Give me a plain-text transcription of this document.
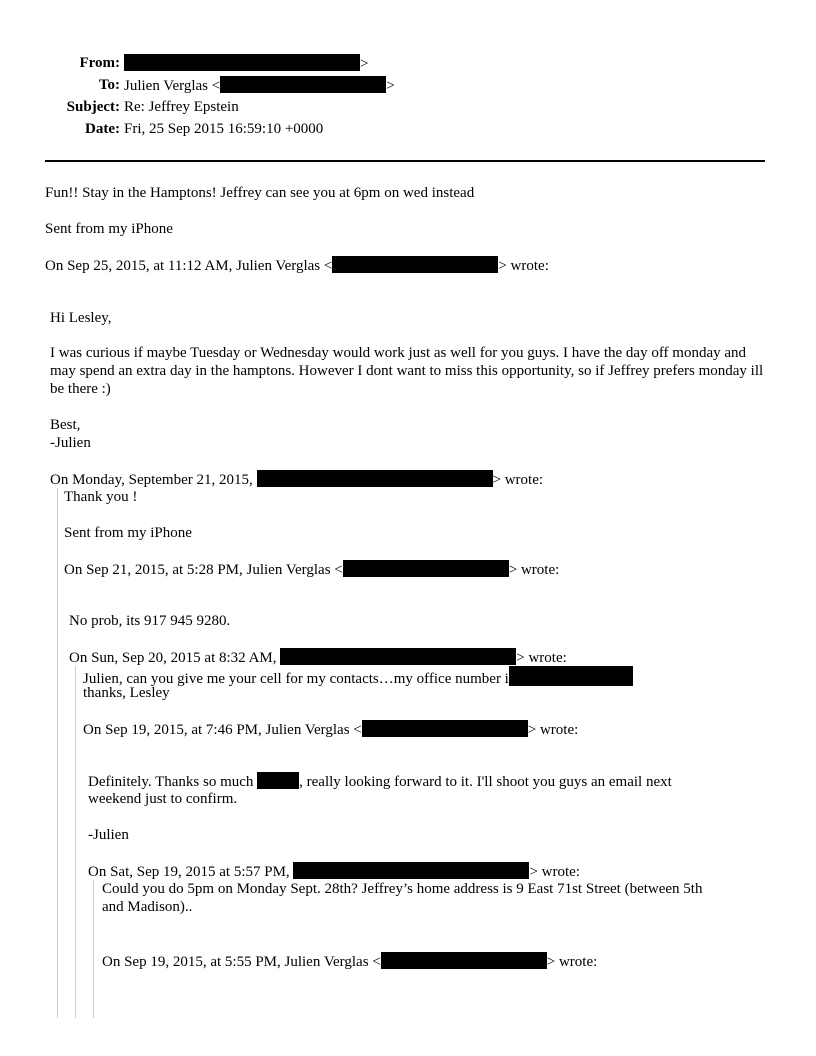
From:	>
To: Julien Verglas <	>
Subject: Re: Jeffrey Epstein
Date: Fri, 25 Sep 2015 16:59:10 +0000
Fun!! Stay in the Hamptons! Jeffrey can see you at 6pm on wed instead
Sent from my iPhone
On Sep 25, 2015, at 11:12 AM, Julien Verglas <	> wrote:
Hi Lesley,
I was curious if maybe Tuesday or Wednesday would work just as well for you guys. I have the day off monday and may spend an extra day in the hamptons. However I dont want to miss this opportunity, so if Jeffrey prefers monday ill be there :)
Best,
-Julien
On Monday, September 21, 2015,	> wrote:
Thank you !
Sent from my iPhone
On Sep 21, 2015, at 5:28 PM, Julien Verglas <	> wrote:
No prob, its 917 945 9280.
On Sun, Sep 20, 2015 at 8:32 AM,	> wrote:
Julien, can you give me your cell for my contacts…my office number i
thanks, Lesley
On Sep 19, 2015, at 7:46 PM, Julien Verglas <	> wrote:
Definitely. Thanks so much	, really looking forward to it. I'll shoot you guys an email next
weekend just to confirm.
-Julien
On Sat, Sep 19, 2015 at 5:57 PM,	> wrote:
Could you do 5pm on Monday Sept. 28th? Jeffrey’s home address is 9 East 71st Street (between 5th
and Madison)..
On Sep 19, 2015, at 5:55 PM, Julien Verglas <	> wrote:
